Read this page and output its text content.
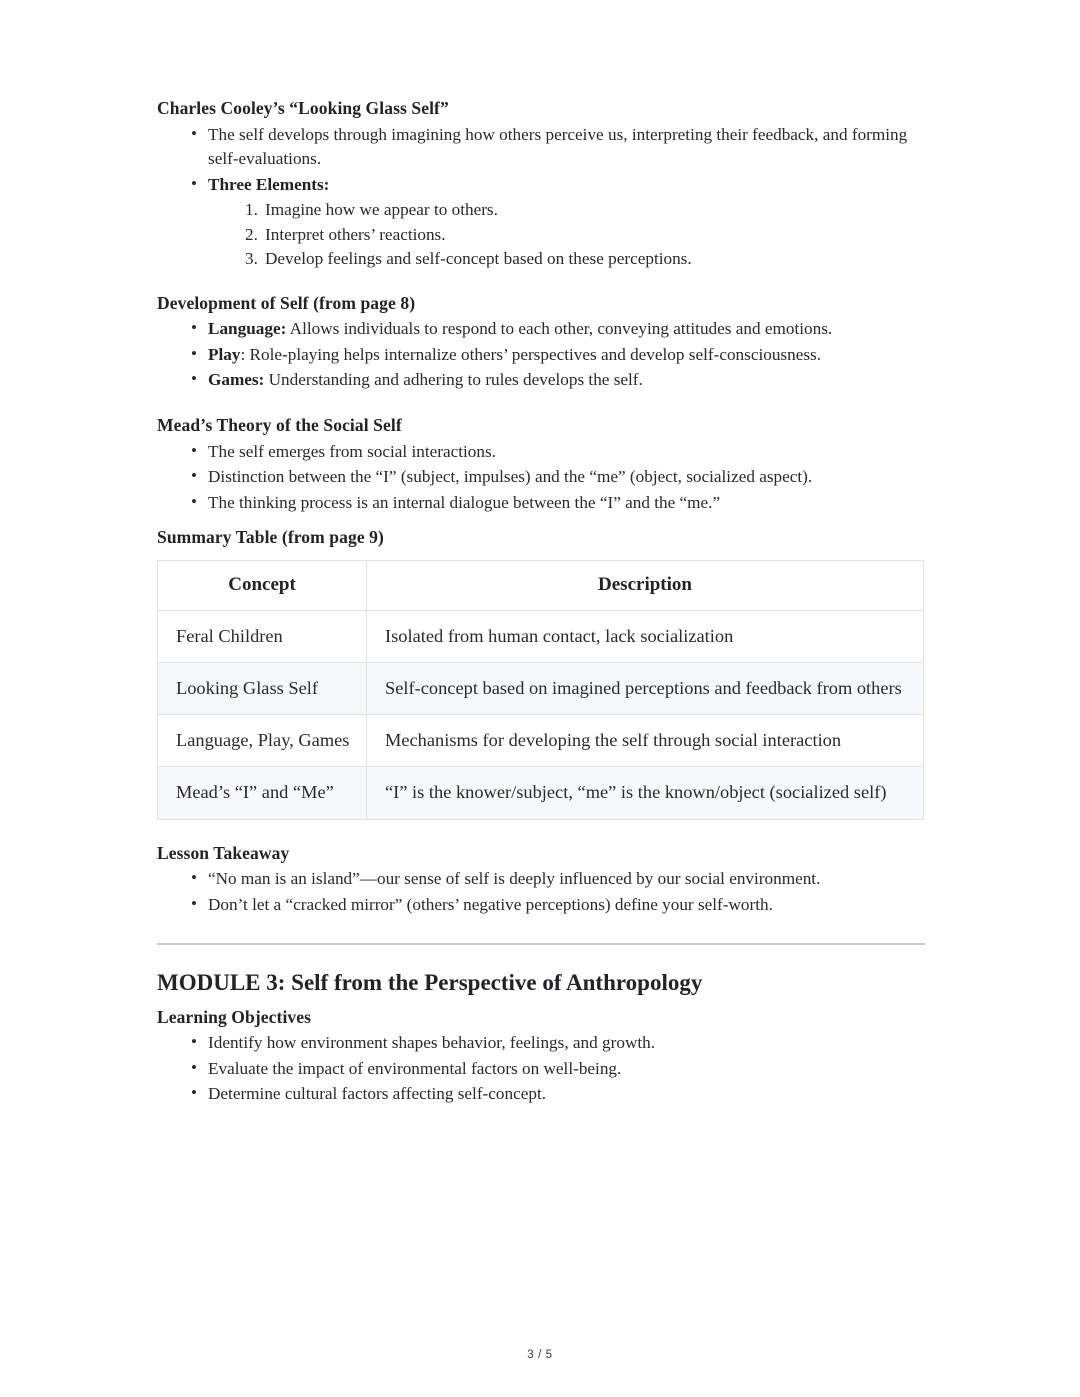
Charles Cooley’s “Looking Glass Self”
• The self develops through imagining how others perceive us, interpreting their feedback, and forming self-evaluations.
• Three Elements:
Imagine how we appear to others.
Interpret others’ reactions.
Develop feelings and self-concept based on these perceptions.
Development of Self (from page 8)
• Language: Allows individuals to respond to each other, conveying attitudes and emotions.
• Play: Role-playing helps internalize others’ perspectives and develop self-consciousness.
• Games: Understanding and adhering to rules develops the self.
Mead’s Theory of the Social Self
• The self emerges from social interactions.
• Distinction between the “I” (subject, impulses) and the “me” (object, socialized aspect).
• The thinking process is an internal dialogue between the “I” and the “me.”
Summary Table (from page 9)
Concept	Description
Feral Children	Isolated from human contact, lack socialization
Looking Glass Self	Self-concept based on imagined perceptions and feedback from others
Language, Play, Games	Mechanisms for developing the self through social interaction
Mead’s “I” and “Me”	“I” is the knower/subject, “me” is the known/object (socialized self)
Lesson Takeaway
• “No man is an island”—our sense of self is deeply influenced by our social environment.
• Don’t let a “cracked mirror” (others’ negative perceptions) define your self-worth.
MODULE 3: Self from the Perspective of Anthropology
Learning Objectives
• Identify how environment shapes behavior, feelings, and growth.
• Evaluate the impact of environmental factors on well-being.
• Determine cultural factors affecting self-concept.
3 / 5
